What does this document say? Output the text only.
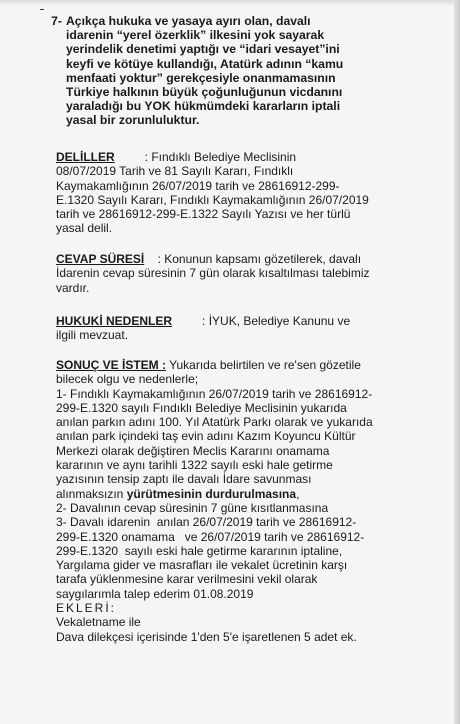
7- Açıkça hukuka ve yasaya ayırı olan, davalı
idarenin “yerel özerklik” ilkesini yok sayarak
yerindelik denetimi yaptığı ve “idari vesayet”ini
keyfi ve kötüye kullandığı, Atatürk adının “kamu
menfaati yoktur” gerekçesiyle onanmamasının
Türkiye halkının büyük çoğunluğunun vicdanını
yaraladığı bu YOK hükmümdeki kararların iptali
yasal bir zorunluluktur.
DELİLLER         : Fındıklı Belediye Meclisinin
08/07/2019 Tarih ve 81 Sayılı Kararı, Fındıklı
Kaymakamlığının 26/07/2019 tarih ve 28616912-299-
E.1320 Sayılı Kararı, Fındıklı Kaymakamlığının 26/07/2019
tarih ve 28616912-299-E.1322 Sayılı Yazısı ve her türlü
yasal delil.
CEVAP SÜRESİ    : Konunun kapsamı gözetilerek, davalı
İdarenin cevap süresinin 7 gün olarak kısaltılması talebimiz
vardır.
HUKUKİ NEDENLER         : İYUK, Belediye Kanunu ve
ilgili mevzuat.
SONUÇ VE İSTEM : Yukarıda belirtilen ve re'sen gözetile
bilecek olgu ve nedenlerle;
1- Fındıklı Kaymakamlığının 26/07/2019 tarih ve 28616912-
299-E.1320 sayılı Fındıklı Belediye Meclisinin yukarıda
anılan parkın adını 100. Yıl Atatürk Parkı olarak ve yukarıda
anılan park içindeki taş evin adını Kazım Koyuncu Kültür
Merkezi olarak değiştiren Meclis Kararını onamama
kararının ve aynı tarihli 1322 sayılı eski hale getirme
yazısının tensip zaptı ile davalı İdare savunması
alınmaksızın yürütmesinin durdurulmasına,
2- Davalının cevap süresinin 7 güne kısıtlanmasına
3- Davalı idarenin  anılan 26/07/2019 tarih ve 28616912-
299-E.1320 onamama   ve 26/07/2019 tarih ve 28616912-
299-E.1320  sayılı eski hale getirme kararının iptaline,
Yargılama gider ve masrafları ile vekalet ücretinin karşı
tarafa yüklenmesine karar verilmesini vekil olarak
saygılarımla talep ederim 01.08.2019
EKLERİ:
Vekaletname ile
Dava dilekçesi içerisinde 1'den 5'e işaretlenen 5 adet ek.
